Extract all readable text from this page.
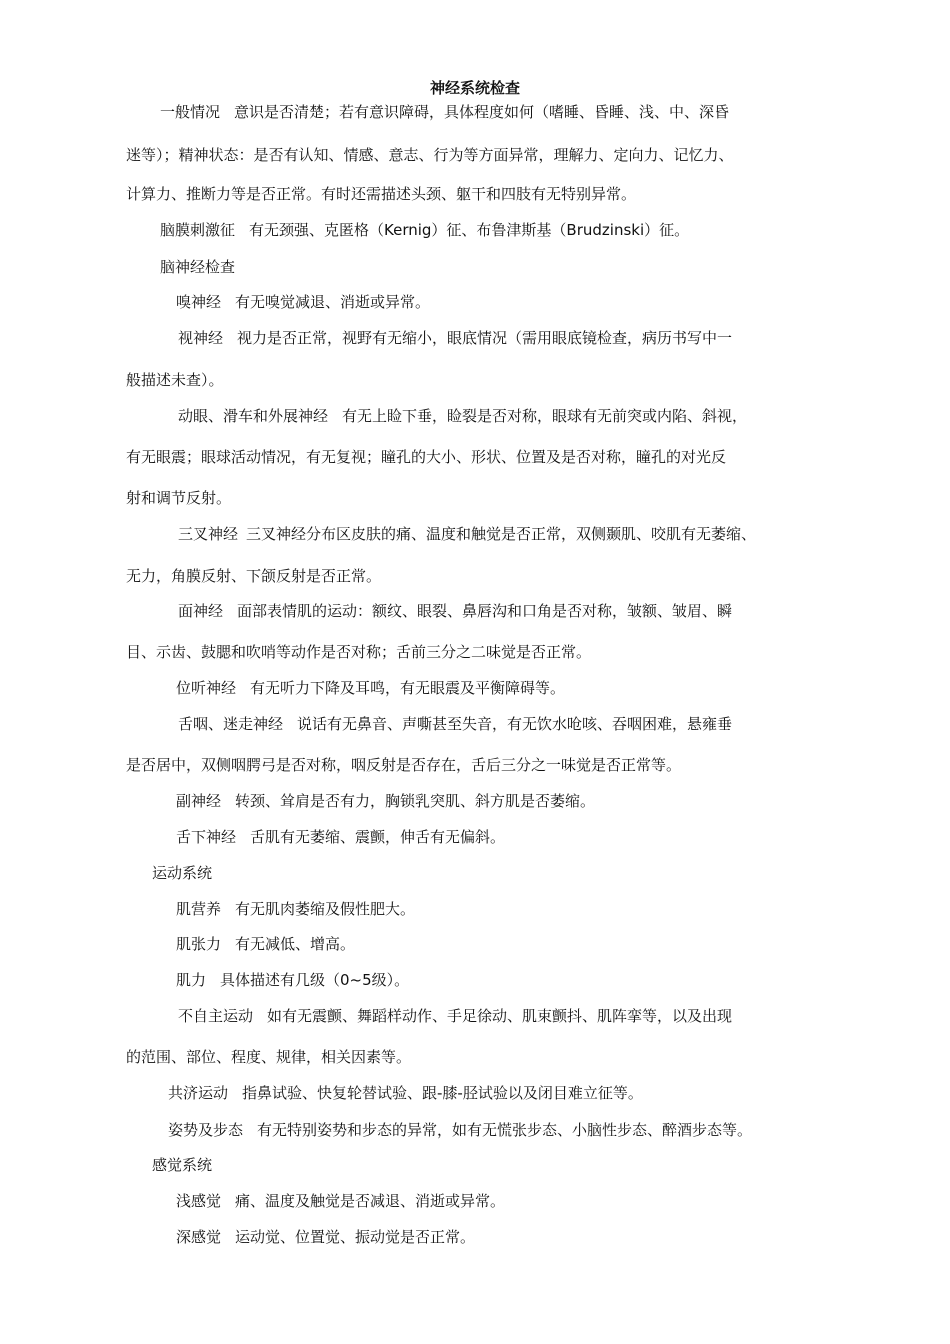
神经系统检查
一般情况 意识是否清楚；若有意识障碍，具体程度如何（嗜睡、昏睡、浅、中、深昏
迷等）；精神状态：是否有认知、情感、意志、行为等方面异常，理解力、定向力、记忆力、
计算力、推断力等是否正常。有时还需描述头颈、躯干和四肢有无特别异常。
脑膜刺激征 有无颈强、克匿格（Kernig）征、布鲁津斯基（Brudzinski）征。
脑神经检查
嗅神经 有无嗅觉减退、消逝或异常。
视神经 视力是否正常，视野有无缩小，眼底情况（需用眼底镜检查，病历书写中一
般描述未查）。
动眼、滑车和外展神经 有无上睑下垂，睑裂是否对称，眼球有无前突或内陷、斜视，
有无眼震；眼球活动情况，有无复视；瞳孔的大小、形状、位置及是否对称，瞳孔的对光反
射和调节反射。
三叉神经 三叉神经分布区皮肤的痛、温度和触觉是否正常，双侧颞肌、咬肌有无萎缩、
无力，角膜反射、下颌反射是否正常。
面神经 面部表情肌的运动：额纹、眼裂、鼻唇沟和口角是否对称，皱额、皱眉、瞬
目、示齿、鼓腮和吹哨等动作是否对称；舌前三分之二味觉是否正常。
位听神经 有无听力下降及耳鸣，有无眼震及平衡障碍等。
舌咽、迷走神经 说话有无鼻音、声嘶甚至失音，有无饮水呛咳、吞咽困难，悬雍垂
是否居中，双侧咽腭弓是否对称，咽反射是否存在，舌后三分之一味觉是否正常等。
副神经 转颈、耸肩是否有力，胸锁乳突肌、斜方肌是否萎缩。
舌下神经 舌肌有无萎缩、震颤，伸舌有无偏斜。
运动系统
肌营养 有无肌肉萎缩及假性肥大。
肌张力 有无减低、增高。
肌力 具体描述有几级（0~5级）。
不自主运动 如有无震颤、舞蹈样动作、手足徐动、肌束颤抖、肌阵挛等，以及出现
的范围、部位、程度、规律，相关因素等。
共济运动 指鼻试验、快复轮替试验、跟-膝-胫试验以及闭目难立征等。
姿势及步态 有无特别姿势和步态的异常，如有无慌张步态、小脑性步态、醉酒步态等。
感觉系统
浅感觉 痛、温度及触觉是否减退、消逝或异常。
深感觉 运动觉、位置觉、振动觉是否正常。
